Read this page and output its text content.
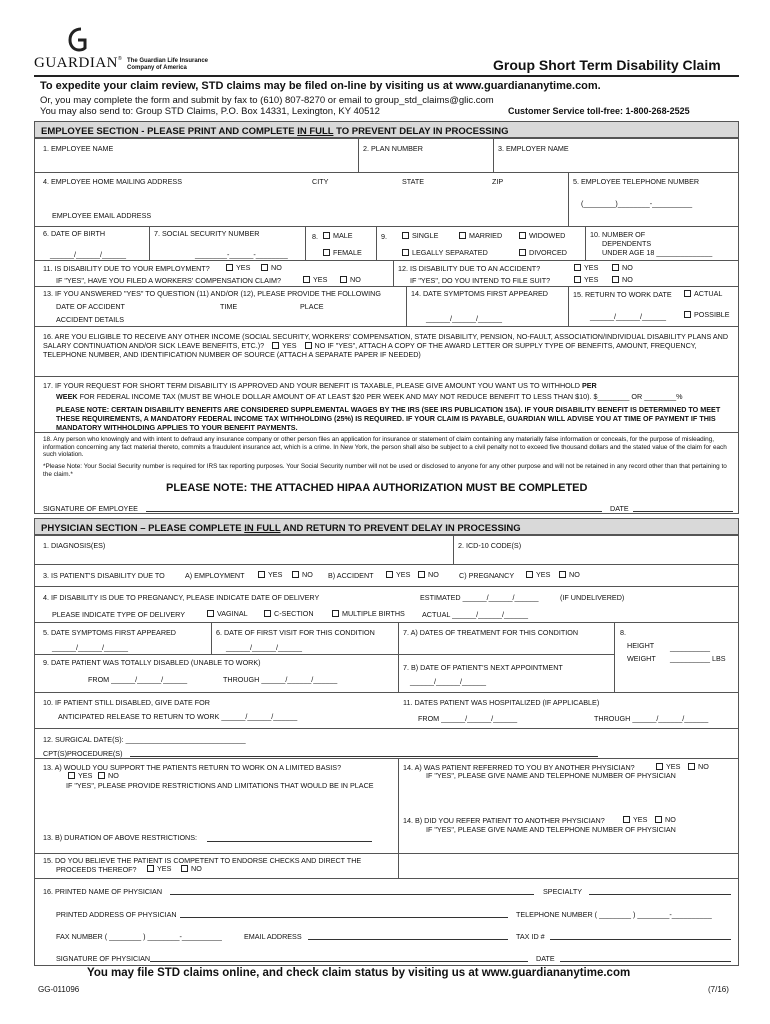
GUARDIAN ® The Guardian Life Insurance
Company of America	Group Short Term Disability Claim
To expedite your claim review, STD claims may be filed on-line by visiting us at www.guardiananytime.com.
Or, you may complete the form and submit by fax to (610) 807-8270 or email to group_std_claims@glic.com
You may also send to: Group STD Claims, P.O. Box 14331, Lexington, KY 40512	Customer Service toll-free: 1-800-268-2525
EMPLOYEE SECTION - PLEASE PRINT AND COMPLETE IN FULL TO PREVENT DELAY IN PROCESSING
1. EMPLOYEE NAME	2. PLAN NUMBER	3. EMPLOYER NAME
4. EMPLOYEE HOME MAILING ADDRESS	CITY	STATE	ZIP	5. EMPLOYEE TELEPHONE NUMBER
(________)________-__________
EMPLOYEE EMAIL ADDRESS
6. DATE OF BIRTH
______/______/______
7. SOCIAL SECURITY NUMBER
________-______-________
8.	MALE
FEMALE
9.	SINGLE	MARRIED	WIDOWED
LEGALLY SEPARATED	DIVORCED
10. NUMBER OF
DEPENDENTS
UNDER AGE 18 ______________
11. IS DISABILITY DUE TO YOUR EMPLOYMENT?	YES	NO
IF "YES", HAVE YOU FILED A WORKERS' COMPENSATION CLAIM?	YES	NO
12. IS DISABILITY DUE TO AN ACCIDENT?	YES	NO
IF "YES", DO YOU INTEND TO FILE SUIT?	YES	NO
13. IF YOU ANSWERED "YES" TO QUESTION (11) AND/OR (12), PLEASE PROVIDE THE FOLLOWING
DATE OF ACCIDENT	TIME	PLACE
ACCIDENT DETAILS
14. DATE SYMPTOMS FIRST APPEARED
______/______/______
15. RETURN TO WORK DATE	ACTUAL
______/______/______	POSSIBLE
16. ARE YOU ELIGIBLE TO RECEIVE ANY OTHER INCOME (SOCIAL SECURITY, WORKERS' COMPENSATION, STATE DISABILITY, PENSION, NO-FAULT, ASSOCIATION/INDIVIDUAL DISABILITY PLANS AND SALARY CONTINUATION AND/OR SICK LEAVE BENEFITS, ETC.)?	YES	NO IF "YES", ATTACH A COPY OF THE AWARD LETTER OR SUPPLY TYPE OF BENEFITS, AMOUNT, FREQUENCY, TELEPHONE NUMBER, AND IDENTIFICATION NUMBER OF SOURCE (ATTACH A SEPARATE PAPER IF NEEDED)
17. IF YOUR REQUEST FOR SHORT TERM DISABILITY IS APPROVED AND YOUR BENEFIT IS TAXABLE, PLEASE GIVE AMOUNT YOU WANT US TO WITHHOLD PER
WEEK FOR FEDERAL INCOME TAX (MUST BE WHOLE DOLLAR AMOUNT OF AT LEAST $20 PER WEEK AND MAY NOT REDUCE BENEFIT TO LESS THAN $10). $________ OR ________%
PLEASE NOTE: CERTAIN DISABILITY BENEFITS ARE CONSIDERED SUPPLEMENTAL WAGES BY THE IRS (SEE IRS PUBLICATION 15A). IF YOUR DISABILITY BENEFIT IS DETERMINED TO MEET THESE REQUIREMENTS, A MANDATORY FEDERAL INCOME TAX WITHHOLDING (25%) IS REQUIRED. IF YOUR CLAIM IS PAYABLE, GUARDIAN WILL ADVISE YOU AT TIME OF PAYMENT IF THIS MANDATORY WITHHOLDING APPLIES TO YOUR BENEFIT PAYMENTS.
18. Any person who knowingly and with intent to defraud any insurance company or other person files an application for insurance or statement of claim containing any materially false information or conceals, for the purpose of misleading, information concerning any fact material thereto, commits a fraudulent insurance act, which is a crime. In New York, the person shall also be subject to a civil penalty not to exceed five thousand dollars and the stated value of the claim for each such violation.
*Please Note: Your Social Security number is required for IRS tax reporting purposes. Your Social Security number will not be used or disclosed to anyone for any other purpose and will not be retained in any record other than that pertaining to the claim.*
PLEASE NOTE: THE ATTACHED HIPAA AUTHORIZATION MUST BE COMPLETED
SIGNATURE OF EMPLOYEE	DATE
PHYSICIAN SECTION – PLEASE COMPLETE IN FULL AND RETURN TO PREVENT DELAY IN PROCESSING
1. DIAGNOSIS(ES)	2. ICD-10 CODE(S)
3. IS PATIENT'S DISABILITY DUE TO	A) EMPLOYMENT	YES	NO B) ACCIDENT	YES	NO	C) PREGNANCY	YES	NO
4. IF DISABILITY IS DUE TO PREGNANCY, PLEASE INDICATE DATE OF DELIVERY	ESTIMATED ______/______/______	(IF UNDELIVERED)
PLEASE INDICATE TYPE OF DELIVERY	VAGINAL	C-SECTION	MULTIPLE BIRTHS ACTUAL ______/______/______
5. DATE SYMPTOMS FIRST APPEARED
______/______/______
6. DATE OF FIRST VISIT FOR THIS CONDITION
______/______/______
7. A) DATES OF TREATMENT FOR THIS CONDITION	8.
HEIGHT __________
WEIGHT __________ LBS
9. DATE PATIENT WAS TOTALLY DISABLED (UNABLE TO WORK)
FROM ______/______/______	THROUGH ______/______/______
7. B) DATE OF PATIENT'S NEXT APPOINTMENT
______/______/______
10. IF PATIENT STILL DISABLED, GIVE DATE FOR
ANTICIPATED RELEASE TO RETURN TO WORK ______/______/______
11. DATES PATIENT WAS HOSPITALIZED (IF APPLICABLE)
FROM ______/______/______	THROUGH ______/______/______
12. SURGICAL DATE(S): ______________________________
CPT(S)PROCEDURE(S)
13. A) WOULD YOU SUPPORT THE PATIENTS RETURN TO WORK ON A LIMITED BASIS?
YES	NO
IF "YES", PLEASE PROVIDE RESTRICTIONS AND LIMITATIONS THAT WOULD BE IN PLACE
13. B) DURATION OF ABOVE RESTRICTIONS:
14. A) WAS PATIENT REFERRED TO YOU BY ANOTHER PHYSICIAN?	YES	NO
IF "YES", PLEASE GIVE NAME AND TELEPHONE NUMBER OF PHYSICIAN
14. B) DID YOU REFER PATIENT TO ANOTHER PHYSICIAN?	YES	NO
IF "YES", PLEASE GIVE NAME AND TELEPHONE NUMBER OF PHYSICIAN
15. DO YOU BELIEVE THE PATIENT IS COMPETENT TO ENDORSE CHECKS AND DIRECT THE
PROCEEDS THEREOF?	YES	NO
16. PRINTED NAME OF PHYSICIAN	SPECIALTY
PRINTED ADDRESS OF PHYSICIAN	TELEPHONE NUMBER ( ________ ) ________-__________
FAX NUMBER ( ________ ) ________-__________	EMAIL ADDRESS	TAX ID #
SIGNATURE OF PHYSICIAN	DATE
You may file STD claims online, and check claim status by visiting us at www.guardiananytime.com
GG-011096	(7/16)
